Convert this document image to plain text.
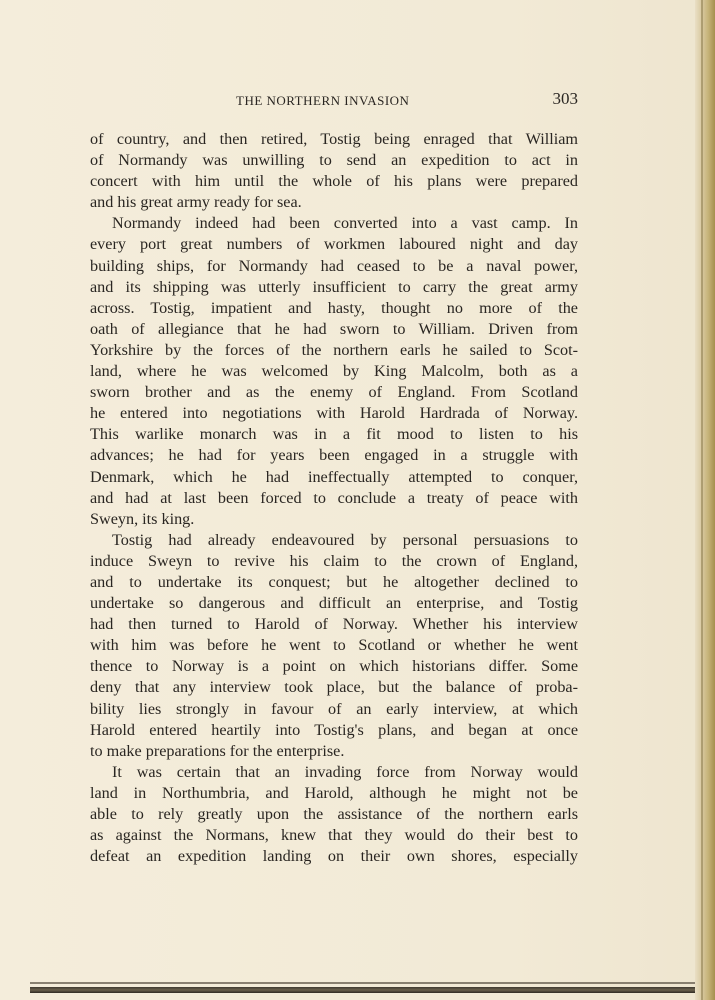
THE NORTHERN INVASION	303
of country, and then retired, Tostig being enraged that William
of Normandy was unwilling to send an expedition to act in
concert with him until the whole of his plans were prepared
and his great army ready for sea.
Normandy indeed had been converted into a vast camp. In
every port great numbers of workmen laboured night and day
building ships, for Normandy had ceased to be a naval power,
and its shipping was utterly insufficient to carry the great army
across. Tostig, impatient and hasty, thought no more of the
oath of allegiance that he had sworn to William. Driven from
Yorkshire by the forces of the northern earls he sailed to Scot-
land, where he was welcomed by King Malcolm, both as a
sworn brother and as the enemy of England. From Scotland
he entered into negotiations with Harold Hardrada of Norway.
This warlike monarch was in a fit mood to listen to his
advances; he had for years been engaged in a struggle with
Denmark, which he had ineffectually attempted to conquer,
and had at last been forced to conclude a treaty of peace with
Sweyn, its king.
Tostig had already endeavoured by personal persuasions to
induce Sweyn to revive his claim to the crown of England,
and to undertake its conquest; but he altogether declined to
undertake so dangerous and difficult an enterprise, and Tostig
had then turned to Harold of Norway. Whether his interview
with him was before he went to Scotland or whether he went
thence to Norway is a point on which historians differ. Some
deny that any interview took place, but the balance of proba-
bility lies strongly in favour of an early interview, at which
Harold entered heartily into Tostig's plans, and began at once
to make preparations for the enterprise.
It was certain that an invading force from Norway would
land in Northumbria, and Harold, although he might not be
able to rely greatly upon the assistance of the northern earls
as against the Normans, knew that they would do their best to
defeat an expedition landing on their own shores, especially
